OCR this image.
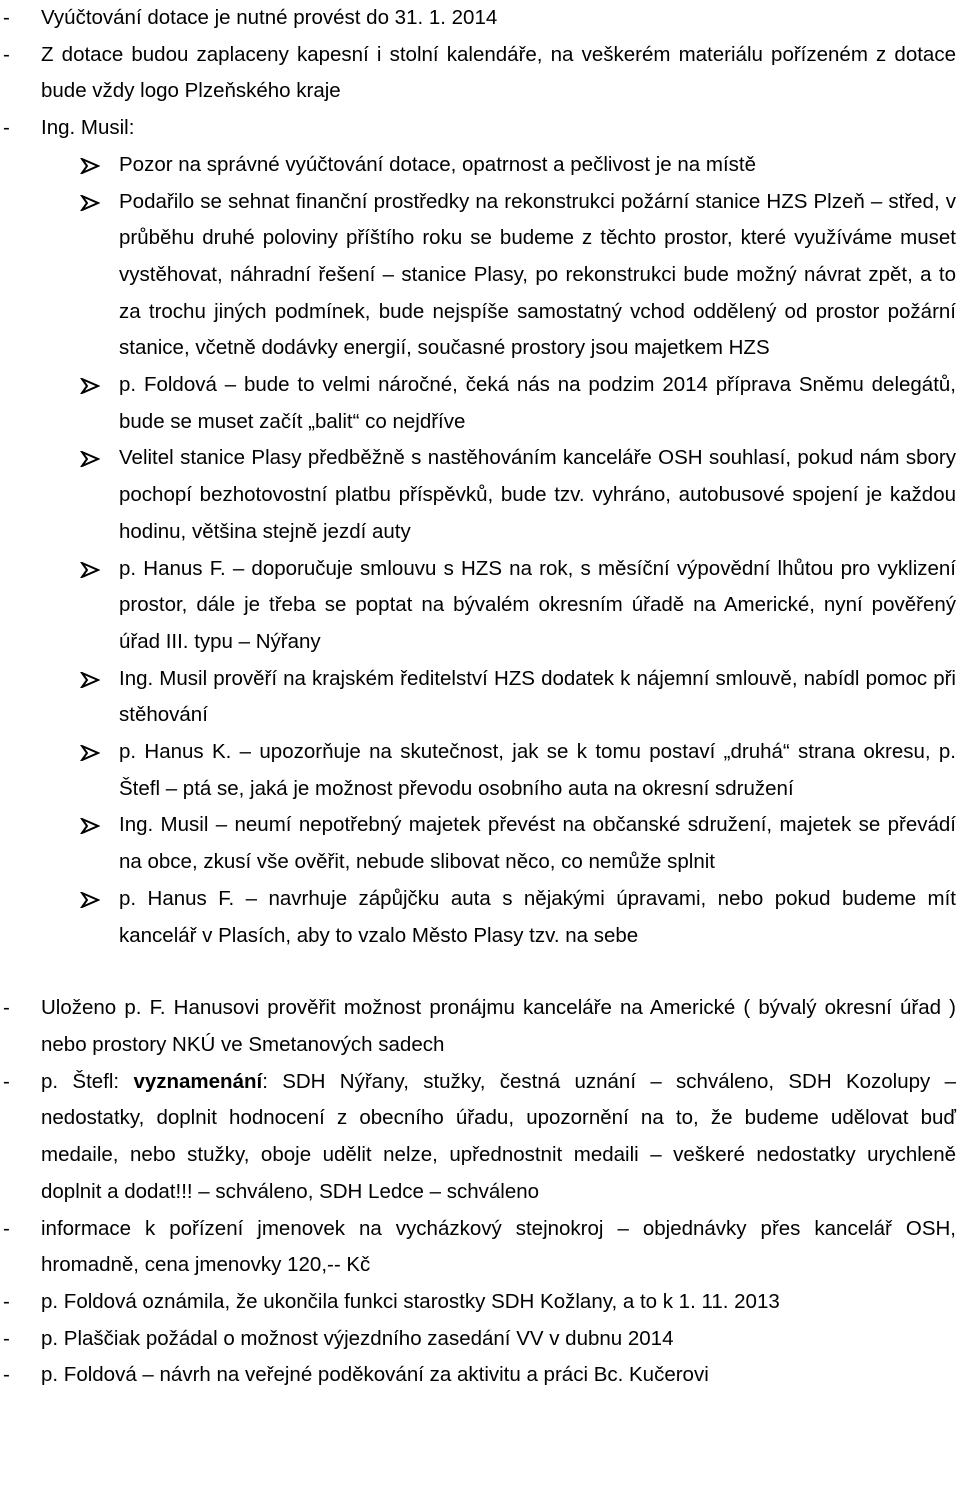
- Vyúčtování dotace je nutné provést do 31. 1. 2014
- Z dotace budou zaplaceny kapesní i stolní kalendáře, na veškerém materiálu pořízeném z dotace bude vždy logo Plzeňského kraje
- Ing. Musil:
Pozor na správné vyúčtování dotace, opatrnost a pečlivost je na místě
Podařilo se sehnat finanční prostředky na rekonstrukci požární stanice HZS Plzeň – střed, v průběhu druhé poloviny příštího roku se budeme z těchto prostor, které využíváme muset vystěhovat, náhradní řešení – stanice Plasy, po rekonstrukci bude možný návrat zpět, a to za trochu jiných podmínek, bude nejspíše samostatný vchod oddělený od prostor požární stanice, včetně dodávky energií, současné prostory jsou majetkem HZS
p. Foldová – bude to velmi náročné, čeká nás na podzim 2014 příprava Sněmu delegátů, bude se muset začít „balit“ co nejdříve
Velitel stanice Plasy předběžně s nastěhováním kanceláře OSH souhlasí, pokud nám sbory pochopí bezhotovostní platbu příspěvků, bude tzv. vyhráno, autobusové spojení je každou hodinu, většina stejně jezdí auty
p. Hanus F. – doporučuje smlouvu s HZS na rok, s měsíční výpovědní lhůtou pro vyklizení prostor, dále je třeba se poptat na bývalém okresním úřadě na Americké, nyní pověřený úřad III. typu – Nýřany
Ing. Musil prověří na krajském ředitelství HZS dodatek k nájemní smlouvě, nabídl pomoc při stěhování
p. Hanus K. – upozorňuje na skutečnost, jak se k tomu postaví „druhá“ strana okresu, p. Štefl – ptá se, jaká je možnost převodu osobního auta na okresní sdružení
Ing. Musil – neumí nepotřebný majetek převést na občanské sdružení, majetek se převádí na obce, zkusí vše ověřit, nebude slibovat něco, co nemůže splnit
p. Hanus F. – navrhuje zápůjčku auta s nějakými úpravami, nebo pokud budeme mít kancelář v Plasích, aby to vzalo Město Plasy tzv. na sebe
- Uloženo p. F. Hanusovi prověřit možnost pronájmu kanceláře na Americké ( bývalý okresní úřad ) nebo prostory NKÚ ve Smetanových sadech
- p. Štefl: vyznamenání: SDH Nýřany, stužky, čestná uznání – schváleno, SDH Kozolupy – nedostatky, doplnit hodnocení z obecního úřadu, upozornění na to, že budeme udělovat buď medaile, nebo stužky, oboje udělit nelze, upřednostnit medaili – veškeré nedostatky urychleně doplnit a dodat!!! – schváleno, SDH Ledce – schváleno
- informace k pořízení jmenovek na vycházkový stejnokroj – objednávky přes kancelář OSH, hromadně, cena jmenovky 120,-- Kč
- p. Foldová oznámila, že ukončila funkci starostky SDH Kožlany, a to k 1. 11. 2013
- p. Plaščiak požádal o možnost výjezdního zasedání VV v dubnu 2014
- p. Foldová – návrh na veřejné poděkování za aktivitu a práci Bc. Kučerovi
